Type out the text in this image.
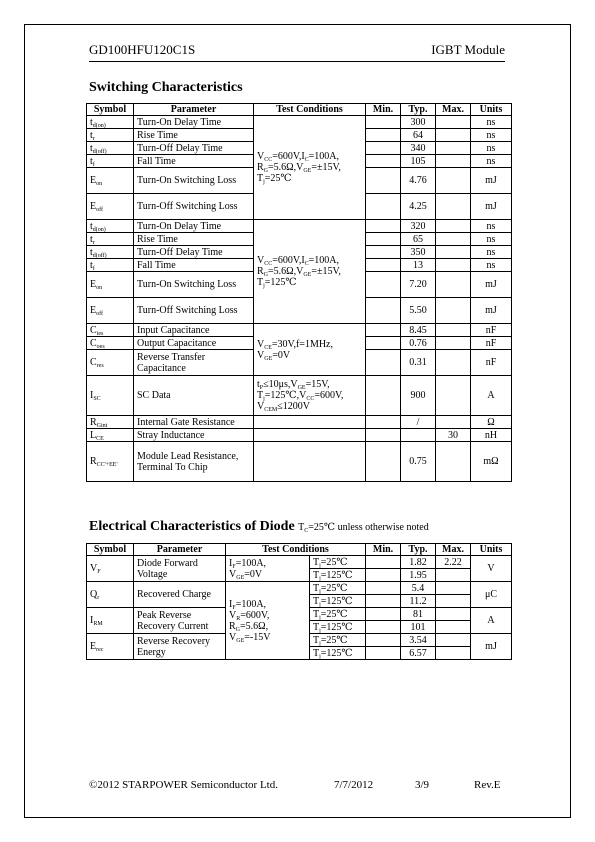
GD100HFU120C1S	IGBT Module
Switching Characteristics
Symbol	Parameter	Test Conditions	Min.	Typ.	Max.	Units
$t_{d(on)}$	Turn-On Delay Time	$V_{CC}=600V,I_C=100A$,
$R_G=5.6\Omega,V_{GE}=\pm 15V$,
$T_j=25℃$		300		ns
$t_r$	Rise Time			64		ns
$t_{d(off)}$	Turn-Off Delay Time			340		ns
$t_f$	Fall Time			105		ns
$E_{on}$	Turn-On Switching Loss			4.76		mJ
$E_{off}$	Turn-Off Switching Loss			4.25		mJ
$t_{d(on)}$	Turn-On Delay Time	$V_{CC}=600V,I_C=100A$,
$R_G=5.6\Omega,V_{GE}=\pm 15V$,
$T_j=125℃$		320		ns
$t_r$	Rise Time			65		ns
$t_{d(off)}$	Turn-Off Delay Time			350		ns
$t_f$	Fall Time			13		ns
$E_{on}$	Turn-On Switching Loss			7.20		mJ
$E_{off}$	Turn-Off Switching Loss			5.50		mJ
$C_{ies}$	Input Capacitance	$V_{CE}=30V,f=1MHz$,
$V_{GE}=0V$		8.45		nF
$C_{oes}$	Output Capacitance			0.76		nF
$C_{res}$	Reverse Transfer Capacitance			0.31		nF
$I_{SC}$	SC Data	$t_P\le 10\mu s,V_{GE}=15V$,
$T_j=125℃,V_{CC}=600V$,
$V_{CEM}\le 1200V$		900		A
$R_{Gint}$	Internal Gate Resistance			/		Ω
$L_{CE}$	Stray Inductance				30	nH
$R_{CC'+EE'}$	Module Lead Resistance, Terminal To Chip			0.75		mΩ
Electrical Characteristics of Diode $T_C=25℃$ unless otherwise noted
Symbol	Parameter	Test Conditions		Min.	Typ.	Max.	Units
$V_F$	Diode Forward Voltage	$I_F=100A$,
$V_{GE}=0V$	$T_j=25℃$		1.82	2.22	V
			$T_j=125℃$		1.95		
$Q_r$	Recovered Charge	$I_F=100A$,
$V_R=600V$,
$R_G=5.6\Omega$,
$V_{GE}=-15V$	$T_j=25℃$		5.4		μC
			$T_j=125℃$		11.2		
$I_{RM}$	Peak Reverse Recovery Current		$T_j=25℃$		81		A
			$T_j=125℃$		101		
$E_{rec}$	Reverse Recovery Energy		$T_j=25℃$		3.54		mJ
			$T_j=125℃$		6.57		
©2012 STARPOWER Semiconductor Ltd.	7/7/2012	3/9	Rev.E
